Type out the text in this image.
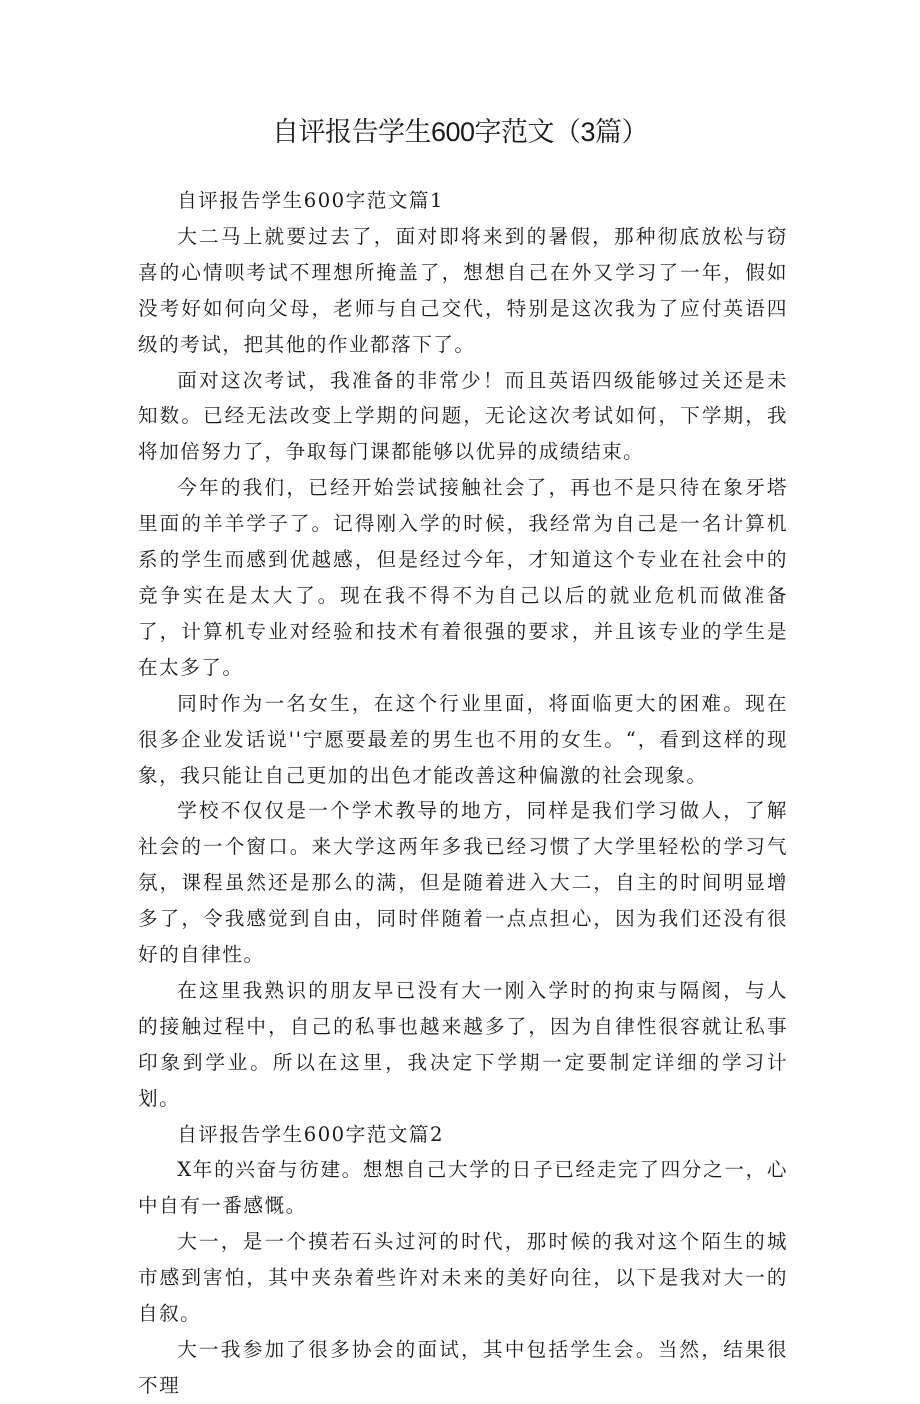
自评报告学生600字范文（3篇）

自评报告学生600字范文篇1

大二马上就要过去了，面对即将来到的暑假，那种彻底放松与窃喜的心情呗考试不理想所掩盖了，想想自己在外又学习了一年，假如没考好如何向父母，老师与自己交代，特别是这次我为了应付英语四级的考试，把其他的作业都落下了。

面对这次考试，我准备的非常少！而且英语四级能够过关还是未知数。已经无法改变上学期的问题，无论这次考试如何，下学期，我将加倍努力了，争取每门课都能够以优异的成绩结束。

今年的我们，已经开始尝试接触社会了，再也不是只待在象牙塔里面的羊羊学子了。记得刚入学的时候，我经常为自己是一名计算机系的学生而感到优越感，但是经过今年，才知道这个专业在社会中的竞争实在是太大了。现在我不得不为自己以后的就业危机而做准备了，计算机专业对经验和技术有着很强的要求，并且该专业的学生是在太多了。

同时作为一名女生，在这个行业里面，将面临更大的困难。现在很多企业发话说''宁愿要最差的男生也不用的女生。“，看到这样的现象，我只能让自己更加的出色才能改善这种偏激的社会现象。

学校不仅仅是一个学术教导的地方，同样是我们学习做人，了解社会的一个窗口。来大学这两年多我已经习惯了大学里轻松的学习气氛，课程虽然还是那么的满，但是随着进入大二，自主的时间明显增多了，令我感觉到自由，同时伴随着一点点担心，因为我们还没有很好的自律性。

在这里我熟识的朋友早已没有大一刚入学时的拘束与隔阂，与人的接触过程中，自己的私事也越来越多了，因为自律性很容就让私事印象到学业。所以在这里，我决定下学期一定要制定详细的学习计划。

自评报告学生600字范文篇2

X年的兴奋与彷建。想想自己大学的日子已经走完了四分之一，心中自有一番感慨。

大一，是一个摸若石头过河的时代，那时候的我对这个陌生的城市感到害怕，其中夹杂着些许对未来的美好向往，以下是我对大一的自叙。

大一我参加了很多协会的面试，其中包括学生会。当然，结果很不理
